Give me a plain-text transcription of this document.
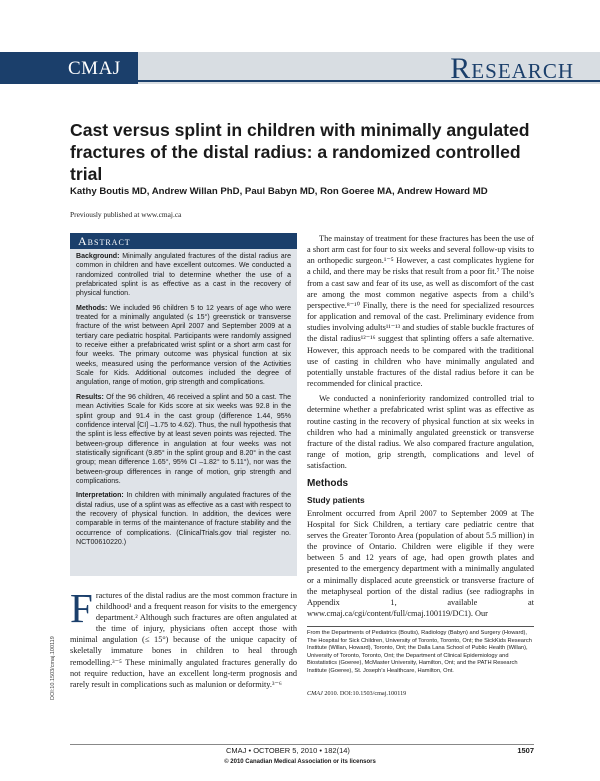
CMAJ	Research
Cast versus splint in children with minimally angulated fractures of the distal radius: a randomized controlled trial
Kathy Boutis MD, Andrew Willan PhD, Paul Babyn MD, Ron Goeree MA, Andrew Howard MD
Previously published at www.cmaj.ca
Abstract

Background: Minimally angulated fractures of the distal radius are common in children and have excellent outcomes. We conducted a randomized controlled trial to determine whether the use of a prefabricated splint is as effective as a cast in the recovery of physical function.

Methods: We included 96 children 5 to 12 years of age who were treated for a minimally angulated (≤ 15°) greenstick or transverse fracture of the wrist between April 2007 and September 2009 at a tertiary care pediatric hospital. Participants were randomly assigned to receive either a prefabricated wrist splint or a short arm cast for four weeks. The primary outcome was physical function at six weeks, measured using the performance version of the Activities Scale for Kids. Additional outcomes included the degree of angulation, range of motion, grip strength and complications.

Results: Of the 96 children, 46 received a splint and 50 a cast. The mean Activities Scale for Kids score at six weeks was 92.8 in the splint group and 91.4 in the cast group (difference 1.44, 95% confidence interval [CI] –1.75 to 4.62). Thus, the null hypothesis that the splint is less effective by at least seven points was rejected. The between-group difference in angulation at four weeks was not statistically significant (9.85° in the splint group and 8.20° in the cast group; mean difference 1.65°, 95% CI –1.82° to 5.11°), nor was the between-group differences in range of motion, grip strength and complications.

Interpretation: In children with minimally angulated fractures of the distal radius, use of a splint was as effective as a cast with respect to the recovery of physical function. In addition, the devices were comparable in terms of the maintenance of fracture stability and the occurrence of complications. (ClinicalTrials.gov trial register no. NCT00610220.)

Fractures of the distal radius are the most common fracture in childhood¹ and a frequent reason for visits to the emergency department.² Although such fractures are often angulated at the time of injury, physicians often accept those with minimal angulation (≤ 15°) because of the unique capacity of skeletally immature bones in children to heal through remodelling.³⁻⁵ These minimally angulated fractures generally do not require reduction, have an excellent long-term prognosis and rarely result in complications such as malunion or deformity.³⁻⁶
DOI:10.1503/cmaj.100119

The mainstay of treatment for these fractures has been the use of a short arm cast for four to six weeks and several follow-up visits to an orthopedic surgeon.¹⁻⁵ However, a cast complicates hygiene for a child, and there may be risks that result from a poor fit.⁷ The noise from a cast saw and fear of its use, as well as discomfort of the cast are among the most common negative aspects from a child’s perspective.⁸⁻¹⁰ Finally, there is the need for specialized resources for application and removal of the cast. Preliminary evidence from studies involving adults¹¹⁻¹³ and studies of stable buckle fractures of the distal radius¹²⁻¹⁶ suggest that splinting offers a safe alternative. However, this approach needs to be compared with the traditional use of casting in children who have minimally angulated and potentially unstable fractures of the distal radius before it can be recommended for clinical practice.

We conducted a noninferiority randomized controlled trial to determine whether a prefabricated wrist splint was as effective as routine casting in the recovery of physical function at six weeks in children who had a minimally angulated greenstick or transverse fracture of the distal radius. We also compared fracture angulation, range of motion, grip strength, complications and level of satisfaction.

Methods
Study patients

Enrolment occurred from April 2007 to September 2009 at The Hospital for Sick Children, a tertiary care pediatric centre that serves the Greater Toronto Area (population of about 5.5 million) in the province of Ontario. Children were eligible if they were between 5 and 12 years of age, had open growth plates and presented to the emergency department with a minimally angulated or a minimally displaced acute greenstick or transverse fracture of the metaphyseal portion of the distal radius (see radiographs in Appendix 1, available at www.cmaj.ca/cgi/content/full/cmaj.100119/DC1). Our

From the Departments of Pediatrics (Boutis), Radiology (Babyn) and Surgery (Howard), The Hospital for Sick Children, University of Toronto, Toronto, Ont; the SickKids Research Institute (Willan, Howard), Toronto, Ont; the Dalla Lana School of Public Health (Willan), University of Toronto, Toronto, Ont; the Department of Clinical Epidemiology and Biostatistics (Goeree), McMaster University, Hamilton, Ont; and the PATH Research Institute (Goeree), St. Joseph’s Healthcare, Hamilton, Ont.
CMAJ 2010. DOI:10.1503/cmaj.100119
CMAJ • OCTOBER 5, 2010 • 182(14)	1507
© 2010 Canadian Medical Association or its licensors
